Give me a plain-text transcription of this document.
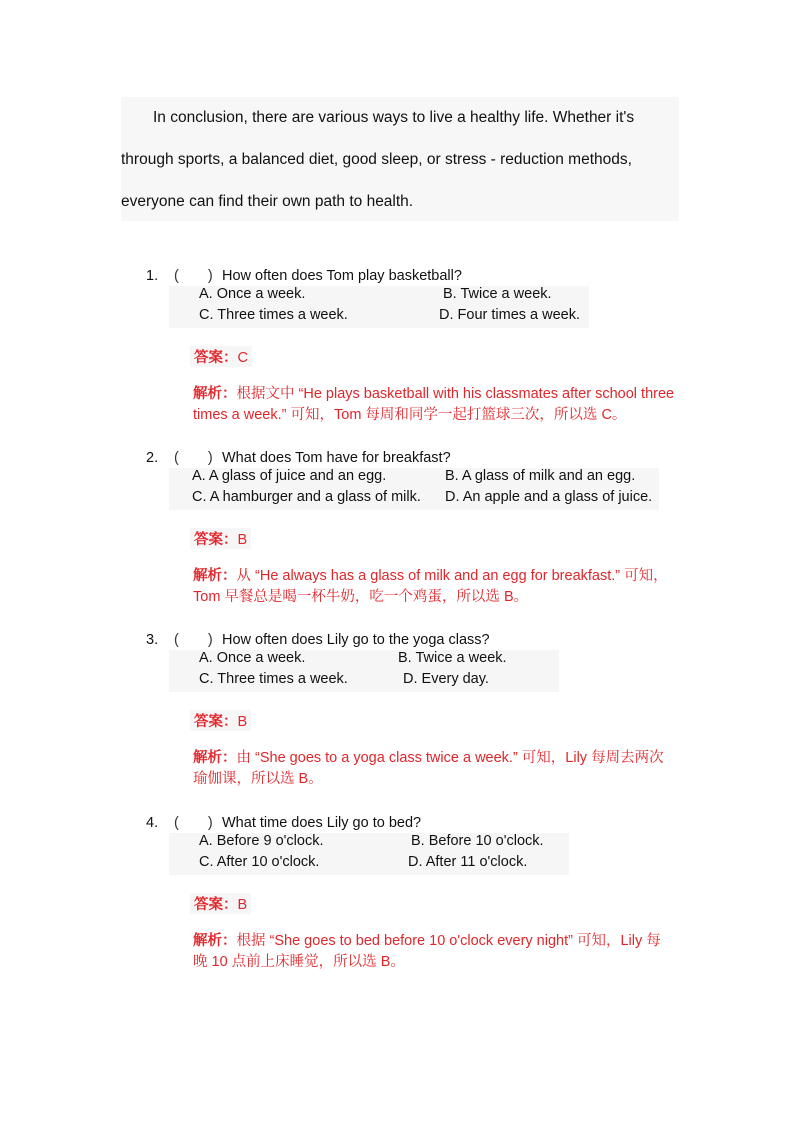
In conclusion, there are various ways to live a healthy life. Whether it's

through sports, a balanced diet, good sleep, or stress - reduction methods,

everyone can find their own path to health.

1. (　　) How often does Tom play basketball?
A. Once a week.	B. Twice a week.
C. Three times a week.	D. Four times a week.
答案：C
解析：根据文中 “He plays basketball with his classmates after school three
times a week.” 可知，Tom 每周和同学一起打篮球三次，所以选 C。
2. (　　) What does Tom have for breakfast?
A. A glass of juice and an egg.	B. A glass of milk and an egg.
C. A hamburger and a glass of milk. D. An apple and a glass of juice.
答案：B
解析：从 “He always has a glass of milk and an egg for breakfast.” 可知，
Tom 早餐总是喝一杯牛奶，吃一个鸡蛋，所以选 B。
3. (　　) How often does Lily go to the yoga class?
A. Once a week.	B. Twice a week.
C. Three times a week.	D. Every day.
答案：B
解析：由 “She goes to a yoga class twice a week.” 可知，Lily 每周去两次
瑜伽课，所以选 B。
4. (　　) What time does Lily go to bed?
A. Before 9 o'clock.	B. Before 10 o'clock.
C. After 10 o'clock.	D. After 11 o'clock.
答案：B
解析：根据 “She goes to bed before 10 o'clock every night” 可知，Lily 每
晚 10 点前上床睡觉，所以选 B。
